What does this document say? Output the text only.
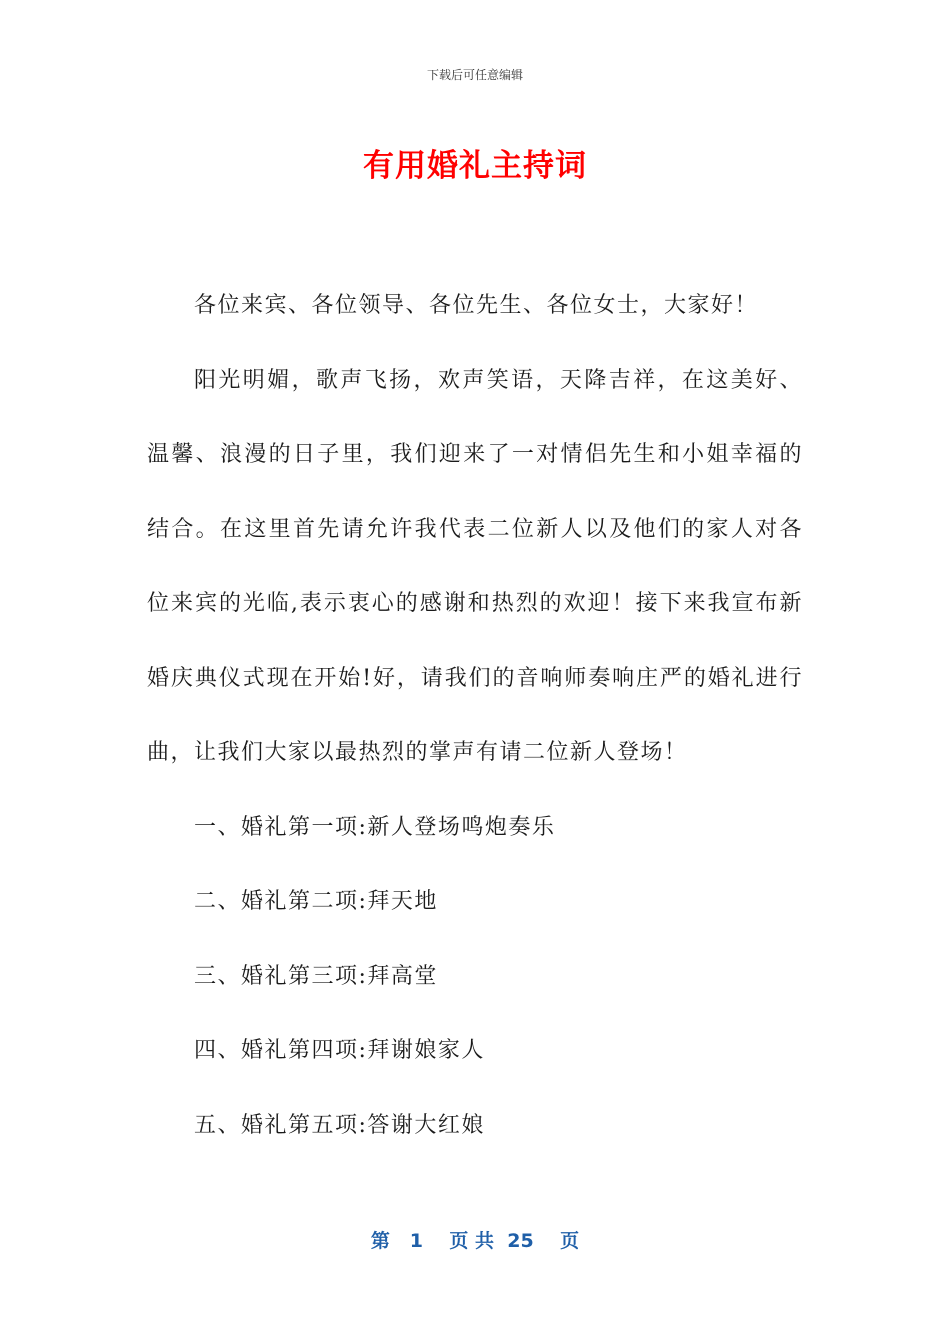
下载后可任意编辑
有用婚礼主持词

各位来宾、各位领导、各位先生、各位女士，大家好！

阳光明媚，歌声飞扬，欢声笑语，天降吉祥，在这美好、温馨、浪漫的日子里，我们迎来了一对情侣先生和小姐幸福的结合。在这里首先请允许我代表二位新人以及他们的家人对各位来宾的光临,表示衷心的感谢和热烈的欢迎！接下来我宣布新婚庆典仪式现在开始!好，请我们的音响师奏响庄严的婚礼进行曲，让我们大家以最热烈的掌声有请二位新人登场！

一、婚礼第一项:新人登场鸣炮奏乐

二、婚礼第二项:拜天地

三、婚礼第三项:拜高堂

四、婚礼第四项:拜谢娘家人

五、婚礼第五项:答谢大红娘

第 1 页 共 25 页
